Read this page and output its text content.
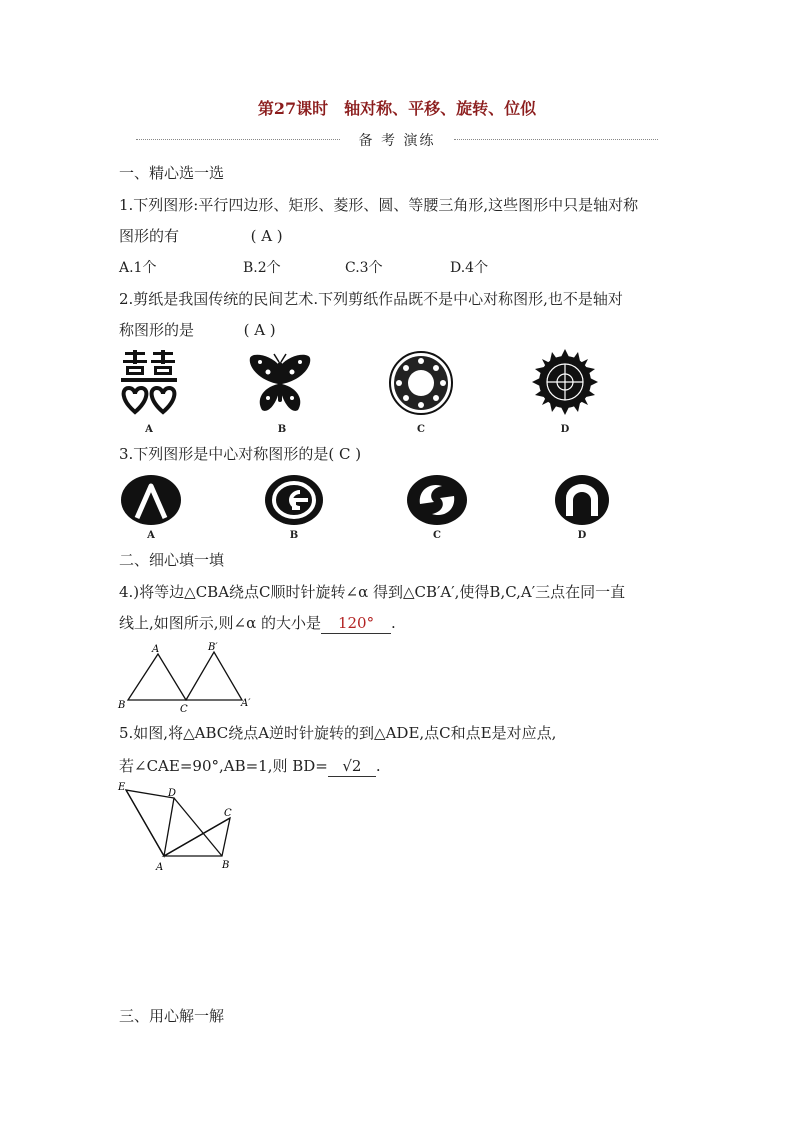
第27课时 轴对称、平移、旋转、位似
备 考 演练
一、精心选一选
1.下列图形:平行四边形、矩形、菱形、圆、等腰三角形,这些图形中只是轴对称
图形的有	( A )
A.1个	B.2个	C.3个	D.4个
2.剪纸是我国传统的民间艺术.下列剪纸作品既不是中心对称图形,也不是轴对
称图形的是	( A )
A	B	C	D
3.下列图形是中心对称图形的是( C )
A	B	C	D
二、细心填一填
4.)将等边△CBA绕点C顺时针旋转∠α 得到△CB′A′,使得B,C,A′三点在同一直
线上,如图所示,则∠α 的大小是 120° .
A
B	C
B′
A′
5.如图,将△ABC绕点A逆时针旋转的到△ADE,点C和点E是对应点,
若∠CAE=90°,AB=1,则 BD= √2 .
E
D
C
A	B
三、用心解一解
